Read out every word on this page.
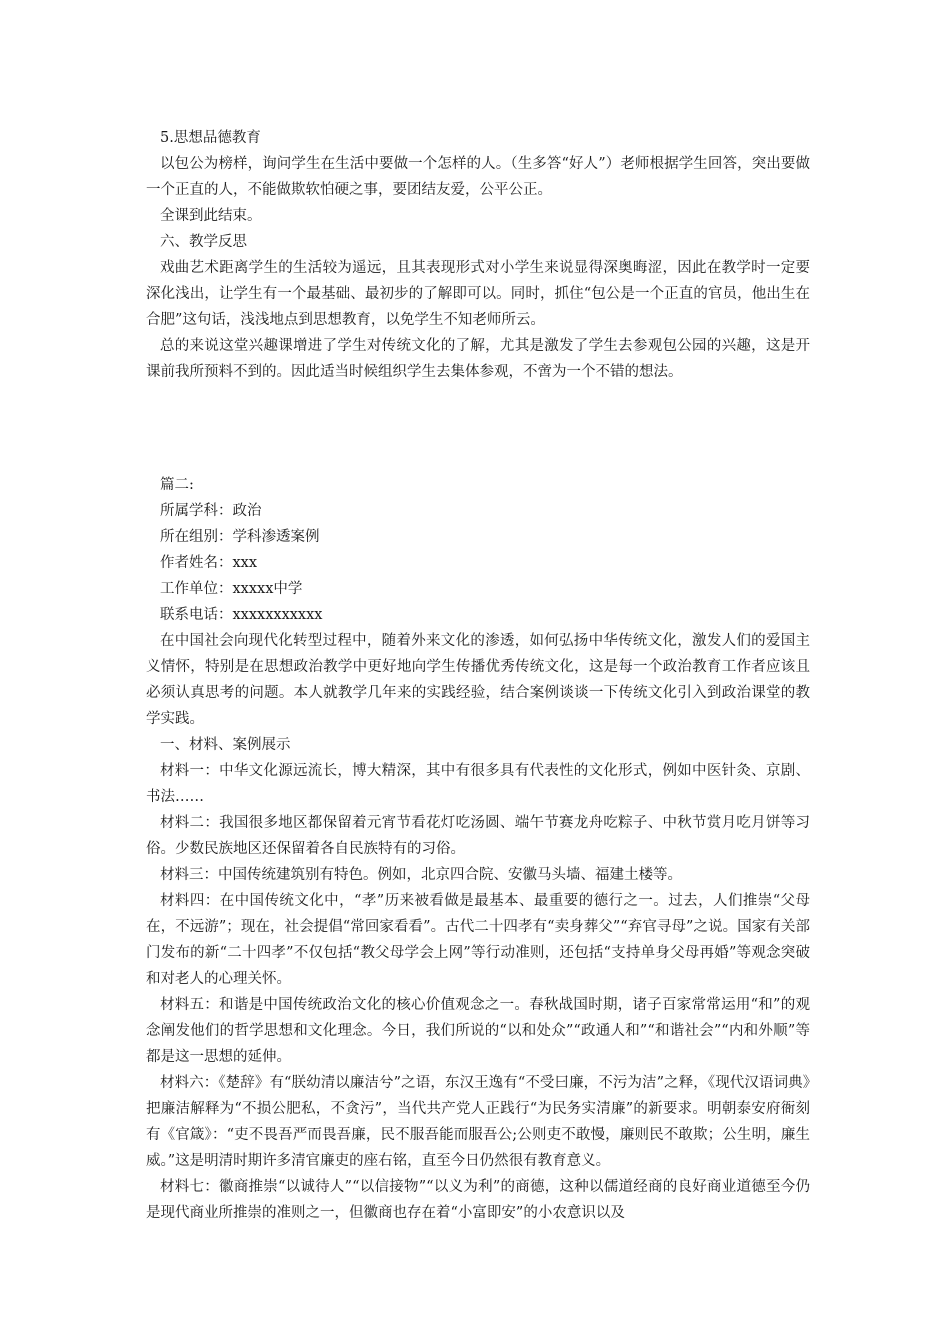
5.思想品德教育

以包公为榜样，询问学生在生活中要做一个怎样的人。（生多答“好人”）老师根据学生回答，突出要做一个正直的人，不能做欺软怕硬之事，要团结友爱，公平公正。

全课到此结束。

六、教学反思

戏曲艺术距离学生的生活较为遥远，且其表现形式对小学生来说显得深奥晦涩，因此在教学时一定要深化浅出，让学生有一个最基础、最初步的了解即可以。同时，抓住“包公是一个正直的官员，他出生在合肥”这句话，浅浅地点到思想教育，以免学生不知老师所云。

总的来说这堂兴趣课增进了学生对传统文化的了解，尤其是激发了学生去参观包公园的兴趣，这是开课前我所预料不到的。因此适当时候组织学生去集体参观，不啻为一个不错的想法。

篇二:

所属学科：政治

所在组别：学科渗透案例

作者姓名：xxx

工作单位：xxxxx中学

联系电话：xxxxxxxxxxx

在中国社会向现代化转型过程中，随着外来文化的渗透，如何弘扬中华传统文化，激发人们的爱国主义情怀，特别是在思想政治教学中更好地向学生传播优秀传统文化，这是每一个政治教育工作者应该且必须认真思考的问题。本人就教学几年来的实践经验，结合案例谈谈一下传统文化引入到政治课堂的教学实践。

一、材料、案例展示

材料一：中华文化源远流长，博大精深，其中有很多具有代表性的文化形式，例如中医针灸、京剧、书法……

材料二：我国很多地区都保留着元宵节看花灯吃汤圆、端午节赛龙舟吃粽子、中秋节赏月吃月饼等习俗。少数民族地区还保留着各自民族特有的习俗。

材料三：中国传统建筑别有特色。例如，北京四合院、安徽马头墙、福建土楼等。

材料四：在中国传统文化中，“孝”历来被看做是最基本、最重要的德行之一。过去，人们推崇“父母在，不远游”；现在，社会提倡“常回家看看”。古代二十四孝有“卖身葬父”“弃官寻母”之说。国家有关部门发布的新“二十四孝”不仅包括“教父母学会上网”等行动准则，还包括“支持单身父母再婚”等观念突破和对老人的心理关怀。

材料五：和谐是中国传统政治文化的核心价值观念之一。春秋战国时期，诸子百家常常运用“和”的观念阐发他们的哲学思想和文化理念。今日，我们所说的“以和处众”“政通人和”“和谐社会”“内和外顺”等都是这一思想的延伸。

材料六：《楚辞》有“朕幼清以廉洁兮”之语，东汉王逸有“不受曰廉，不污为洁”之释，《现代汉语词典》把廉洁解释为“不损公肥私，不贪污”，当代共产党人正践行“为民务实清廉”的新要求。明朝泰安府衙刻有《官箴》：“吏不畏吾严而畏吾廉，民不服吾能而服吾公;公则吏不敢慢，廉则民不敢欺；公生明，廉生威。”这是明清时期许多清官廉吏的座右铭，直至今日仍然很有教育意义。

材料七：徽商推崇“以诚待人”“以信接物”“以义为利”的商德，这种以儒道经商的良好商业道德至今仍是现代商业所推崇的准则之一，但徽商也存在着“小富即安”的小农意识以及
